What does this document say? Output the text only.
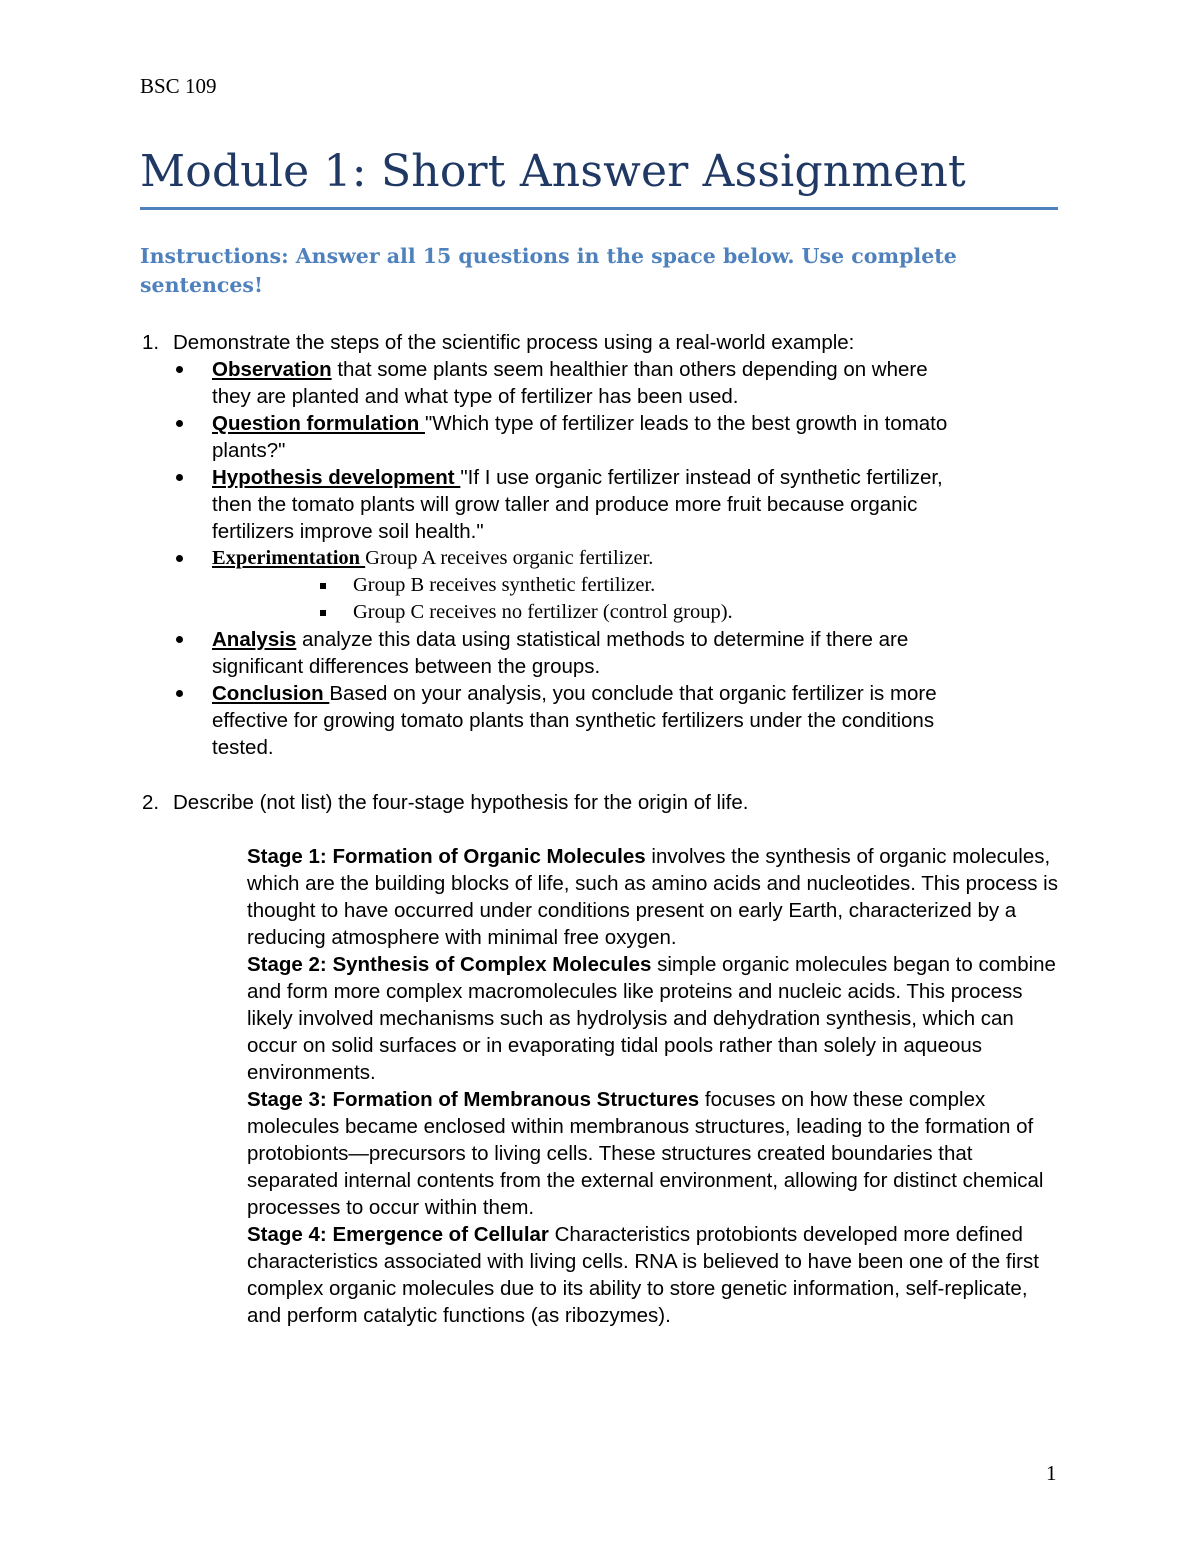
BSC 109
Module 1: Short Answer Assignment
Instructions: Answer all 15 questions in the space below. Use complete sentences!
1. Demonstrate the steps of the scientific process using a real-world example:
Observation that some plants seem healthier than others depending on where
they are planted and what type of fertilizer has been used.
Question formulation "Which type of fertilizer leads to the best growth in tomato
plants?"
Hypothesis development "If I use organic fertilizer instead of synthetic fertilizer,
then the tomato plants will grow taller and produce more fruit because organic
fertilizers improve soil health."
Experimentation Group A receives organic fertilizer.
Group B receives synthetic fertilizer.
Group C receives no fertilizer (control group).
Analysis analyze this data using statistical methods to determine if there are
significant differences between the groups.
Conclusion Based on your analysis, you conclude that organic fertilizer is more
effective for growing tomato plants than synthetic fertilizers under the conditions
tested.
2. Describe (not list) the four-stage hypothesis for the origin of life.

Stage 1: Formation of Organic Molecules involves the synthesis of organic molecules, which are the building blocks of life, such as amino acids and nucleotides. This process is thought to have occurred under conditions present on early Earth, characterized by a reducing atmosphere with minimal free oxygen.

Stage 2: Synthesis of Complex Molecules simple organic molecules began to combine and form more complex macromolecules like proteins and nucleic acids. This process likely involved mechanisms such as hydrolysis and dehydration synthesis, which can occur on solid surfaces or in evaporating tidal pools rather than solely in aqueous environments.

Stage 3: Formation of Membranous Structures focuses on how these complex molecules became enclosed within membranous structures, leading to the formation of protobionts—precursors to living cells. These structures created boundaries that separated internal contents from the external environment, allowing for distinct chemical processes to occur within them.

Stage 4: Emergence of Cellular Characteristics protobionts developed more defined characteristics associated with living cells. RNA is believed to have been one of the first complex organic molecules due to its ability to store genetic information, self-replicate, and perform catalytic functions (as ribozymes).

1
